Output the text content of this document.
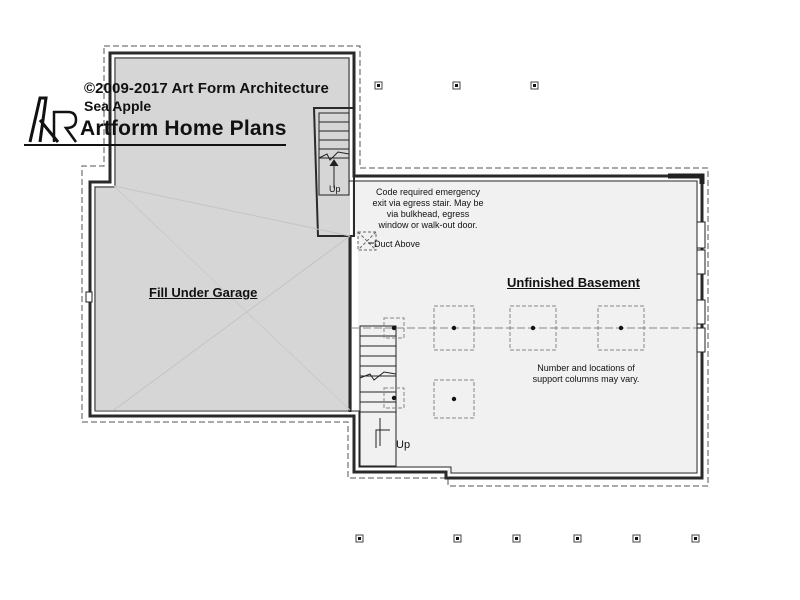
©2009-2017 Art Form Architecture
Sea Apple
Artform Home Plans
Fill Under Garage
Unfinished Basement
Code required emergency
exit via egress stair. May be
via bulkhead, egress
window or walk-out door.
Duct Above
Number and locations of
support columns may vary.
Up
Up
